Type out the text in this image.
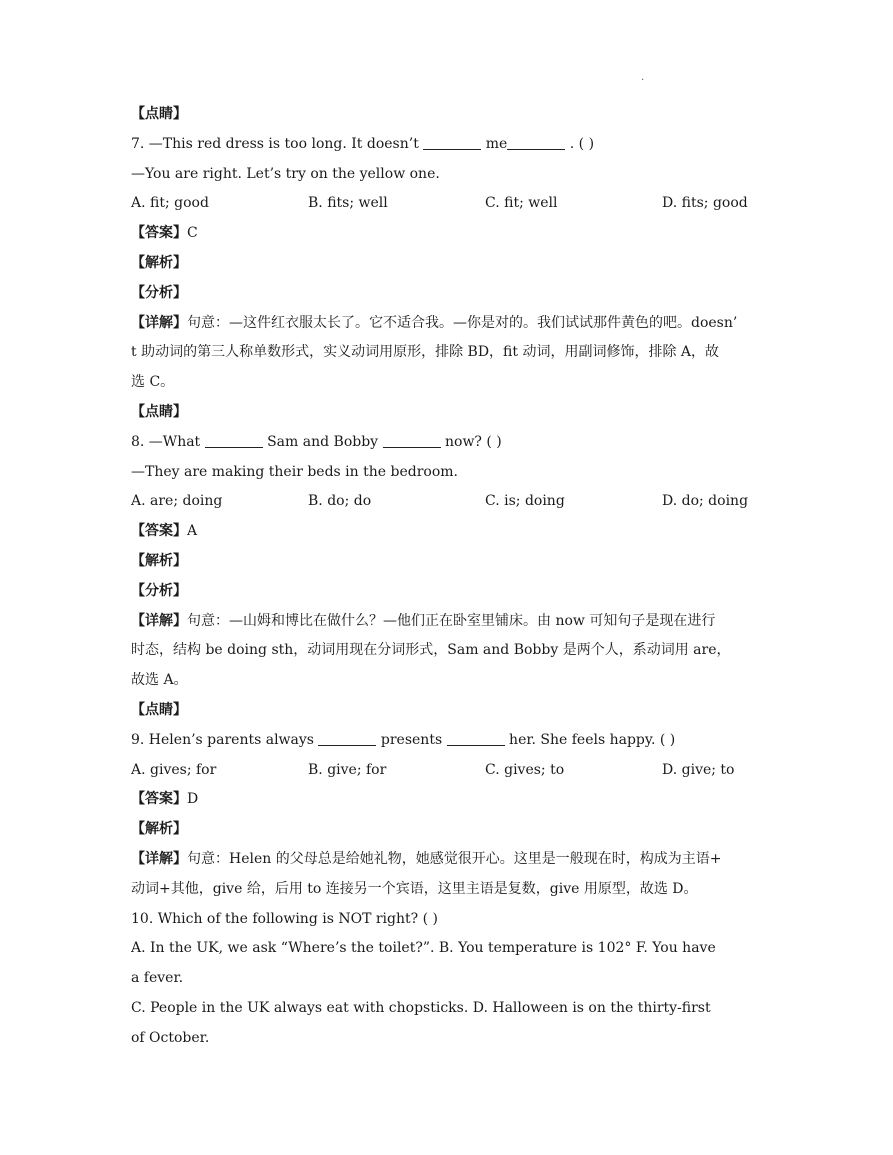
.
【点睛】
7. —This red dress is too long. It doesn’t	me	. ( )
—You are right. Let’s try on the yellow one.
A. fit; good	B. fits; well	C. fit; well	D. fits; good
【答案】C
【解析】
【分析】
【详解】句意：—这件红衣服太长了。它不适合我。—你是对的。我们试试那件黄色的吧。doesn’
t 助动词的第三人称单数形式，实义动词用原形，排除 BD，fit 动词，用副词修饰，排除 A，故
选 C。
【点睛】
8. —What	Sam and Bobby	now? ( )
—They are making their beds in the bedroom.
A. are; doing	B. do; do	C. is; doing	D. do; doing
【答案】A
【解析】
【分析】
【详解】句意：—山姆和博比在做什么？—他们正在卧室里铺床。由 now 可知句子是现在进行
时态，结构 be doing sth，动词用现在分词形式，Sam and Bobby 是两个人，系动词用 are，
故选 A。
【点睛】
9. Helen’s parents always	presents	her. She feels happy. ( )
A. gives; for	B. give; for	C. gives; to	D. give; to
【答案】D
【解析】
【详解】句意：Helen 的父母总是给她礼物，她感觉很开心。这里是一般现在时，构成为主语+
动词+其他，give 给，后用 to 连接另一个宾语，这里主语是复数，give 用原型，故选 D。
10. Which of the following is NOT right? ( )
A. In the UK, we ask “Where’s the toilet?”. B. You temperature is 102° F. You have
a fever.
C. People in the UK always eat with chopsticks. D. Halloween is on the thirty-first
of October.
